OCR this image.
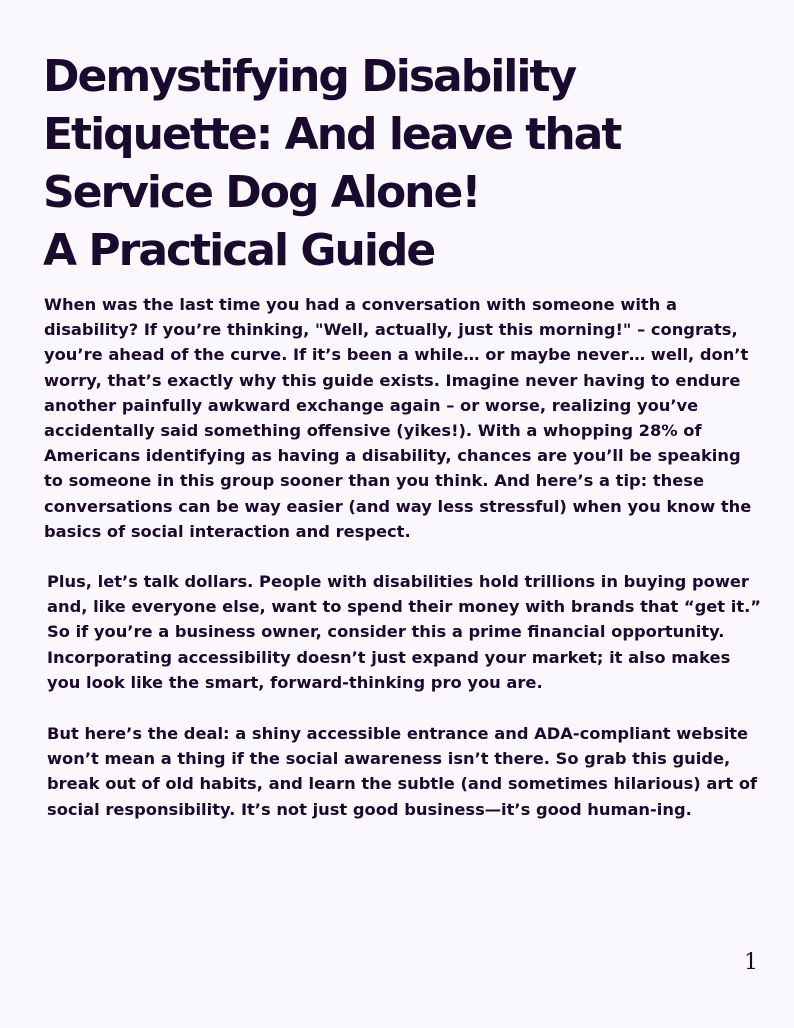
Demystifying Disability
Etiquette: And leave that
Service Dog Alone!
A Practical Guide

When was the last time you had a conversation with someone with a
disability? If you’re thinking, "Well, actually, just this morning!" – congrats,
you’re ahead of the curve. If it’s been a while… or maybe never… well, don’t
worry, that’s exactly why this guide exists. Imagine never having to endure
another painfully awkward exchange again – or worse, realizing you’ve
accidentally said something offensive (yikes!). With a whopping 28% of
Americans identifying as having a disability, chances are you’ll be speaking
to someone in this group sooner than you think. And here’s a tip: these
conversations can be way easier (and way less stressful) when you know the
basics of social interaction and respect.

Plus, let’s talk dollars. People with disabilities hold trillions in buying power
and, like everyone else, want to spend their money with brands that “get it.”
So if you’re a business owner, consider this a prime financial opportunity.
Incorporating accessibility doesn’t just expand your market; it also makes
you look like the smart, forward-thinking pro you are.

But here’s the deal: a shiny accessible entrance and ADA-compliant website
won’t mean a thing if the social awareness isn’t there. So grab this guide,
break out of old habits, and learn the subtle (and sometimes hilarious) art of
social responsibility. It’s not just good business—it’s good human-ing.

1
